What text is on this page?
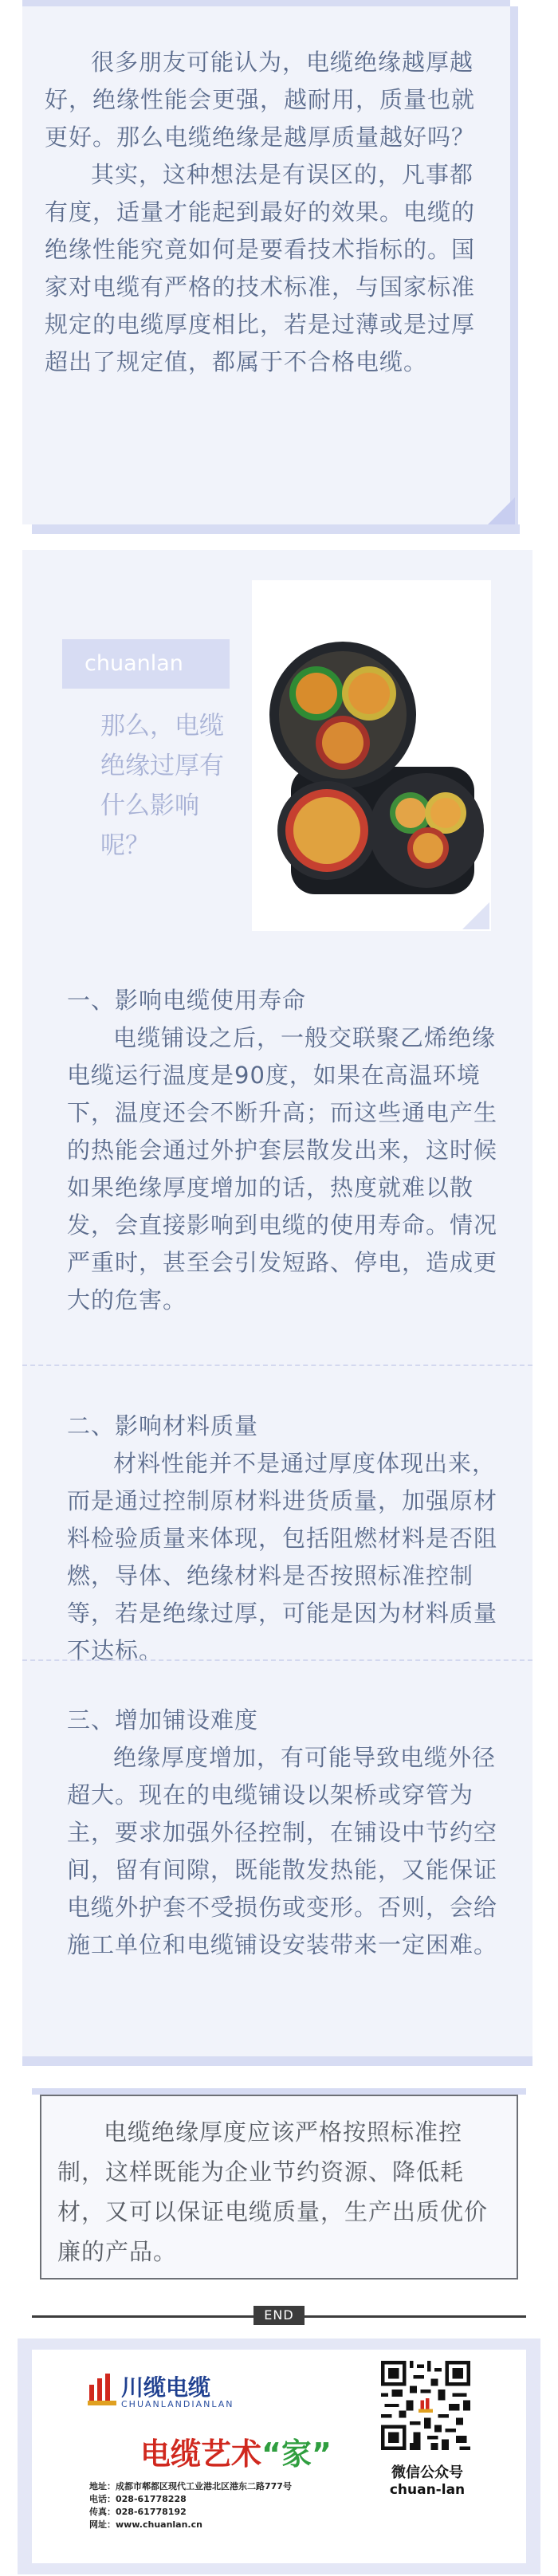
很多朋友可能认为，电缆绝缘越厚越好，绝缘性能会更强，越耐用，质量也就更好。那么电缆绝缘是越厚质量越好吗？

其实，这种想法是有误区的，凡事都有度，适量才能起到最好的效果。电缆的绝缘性能究竟如何是要看技术指标的。国家对电缆有严格的技术标准，与国家标准规定的电缆厚度相比，若是过薄或是过厚超出了规定值，都属于不合格电缆。

chuanlan
那么，电缆绝缘过厚有什么影响呢？
一、影响电缆使用寿命

电缆铺设之后，一般交联聚乙烯绝缘电缆运行温度是90度，如果在高温环境下，温度还会不断升高；而这些通电产生的热能会通过外护套层散发出来，这时候如果绝缘厚度增加的话，热度就难以散发，会直接影响到电缆的使用寿命。情况严重时，甚至会引发短路、停电，造成更大的危害。

二、影响材料质量

材料性能并不是通过厚度体现出来，而是通过控制原材料进货质量，加强原材料检验质量来体现，包括阻燃材料是否阻燃，导体、绝缘材料是否按照标准控制等，若是绝缘过厚，可能是因为材料质量不达标。

三、增加铺设难度

绝缘厚度增加，有可能导致电缆外径超大。现在的电缆铺设以架桥或穿管为主，要求加强外径控制，在铺设中节约空间，留有间隙，既能散发热能，又能保证电缆外护套不受损伤或变形。否则，会给施工单位和电缆铺设安装带来一定困难。

电缆绝缘厚度应该严格按照标准控制，这样既能为企业节约资源、降低耗材，又可以保证电缆质量，生产出质优价廉的产品。
END
川缆电缆
CHUANLANDIANLAN
电缆艺术“家”
地址：成都市郫都区现代工业港北区港东二路777号
电话：028-61778228
传真：028-61778192
网址：www.chuanlan.cn
微信公众号
chuan-lan
